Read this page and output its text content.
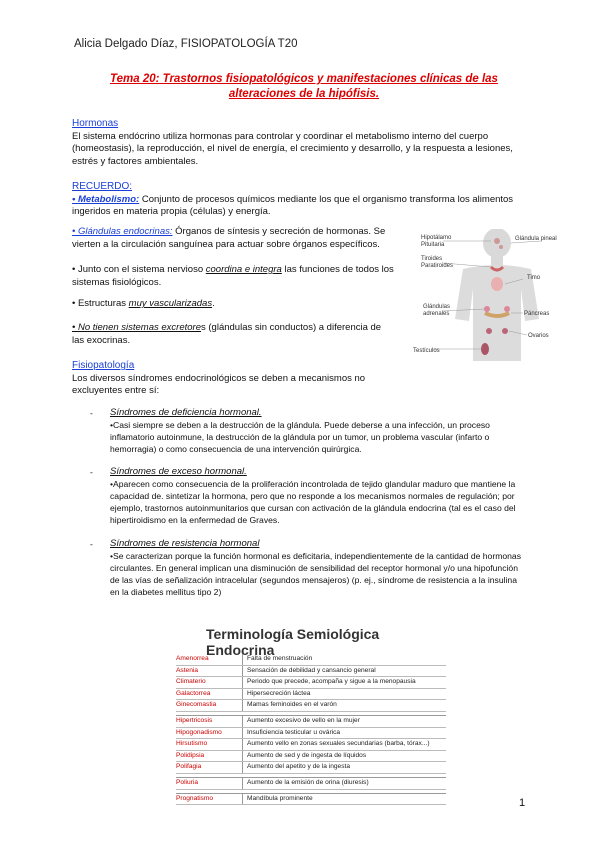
Alicia Delgado Díaz, FISIOPATOLOGÍA T20
Tema 20: Trastornos fisiopatológicos y manifestaciones clínicas de las alteraciones de la hipófisis.
Hormonas
El sistema endócrino utiliza hormonas para controlar y coordinar el metabolismo interno del cuerpo (homeostasis), la reproducción, el nivel de energía, el crecimiento y desarrollo, y la respuesta a lesiones, estrés y factores ambientales.
RECUERDO:
• Metabolismo: Conjunto de procesos químicos mediante los que el organismo transforma los alimentos ingeridos en materia propia (células) y energía.
• Glándulas endocrinas: Órganos de síntesis y secreción de hormonas. Se vierten a la circulación sanguínea para actuar sobre órganos específicos.
• Junto con el sistema nervioso coordina e integra las funciones de todos los sistemas fisiológicos.
• Estructuras muy vascularizadas.
• No tienen sistemas excretores (glándulas sin conductos) a diferencia de las exocrinas.
Hipotálamo
Pituitaria
Glándula pineal
Tiroides
Paratiroides
Timo
Glándulas
adrenales	Páncreas
Ovarios
Testículos
Fisiopatología
Los diversos síndromes endocrinológicos se deben a mecanismos no excluyentes entre sí:
- Síndromes de deficiencia hormonal.
•Casi siempre se deben a la destrucción de la glándula. Puede deberse a una infección, un proceso inflamatorio autoinmune, la destrucción de la glándula por un tumor, un problema vascular (infarto o hemorragia) o como consecuencia de una intervención quirúrgica.
- Síndromes de exceso hormonal.
•Aparecen como consecuencia de la proliferación incontrolada de tejido glandular maduro que mantiene la capacidad de. sintetizar la hormona, pero que no responde a los mecanismos normales de regulación; por ejemplo, trastornos autoinmunitarios que cursan con activación de la glándula endocrina (tal es el caso del hipertiroidismo en la enfermedad de Graves.
- Síndromes de resistencia hormonal
•Se caracterizan porque la función hormonal es deficitaria, independientemente de la cantidad de hormonas circulantes. En general implican una disminución de sensibilidad del receptor hormonal y/o una hipofunción de las vías de señalización intracelular (segundos mensajeros) (p. ej., síndrome de resistencia a la insulina en la diabetes mellitus tipo 2)
Terminología Semiológica Endocrina
Amenorrea	Falta de menstruación
Astenia	Sensación de debilidad y cansancio general
Climaterio	Periodo que precede, acompaña y sigue a la menopausia
Galactorrea	Hipersecreción láctea
Ginecomastia	Mamas feminoides en el varón
Hipertricosis	Aumento excesivo de vello en la mujer
Hipogonadismo	Insuficiencia testicular u ovárica
Hirsutismo	Aumento vello en zonas sexuales secundarias (barba, tórax...)
Polidipsia	Aumento de sed y de ingesta de líquidos
Polifagia	Aumento del apetito y de la ingesta
Poliuria	Aumento de la emisión de orina (diuresis)
Prognatismo	Mandíbula prominente	1
